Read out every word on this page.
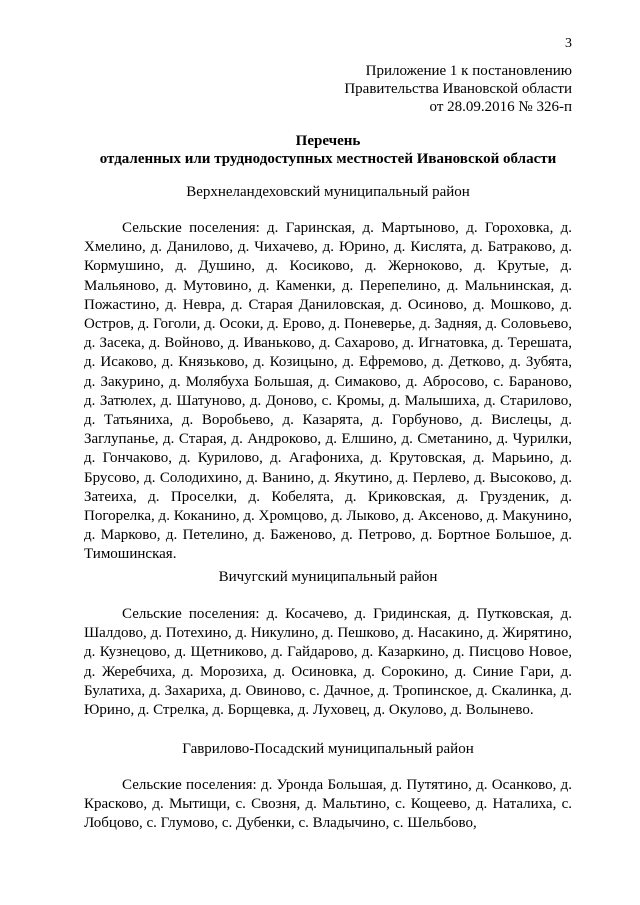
3
Приложение 1 к постановлению
Правительства Ивановской области
от 28.09.2016 № 326-п
Перечень
отдаленных или труднодоступных местностей Ивановской области
Верхнеландеховский муниципальный район
Сельские поселения: д. Гаринская, д. Мартыново, д. Гороховка, д. Хмелино, д. Данилово, д. Чихачево, д. Юрино, д. Кислята, д. Батраково, д. Кормушино, д. Душино, д. Косиково, д. Жерноково, д. Крутые, д. Мальяново, д. Мутовино, д. Каменки, д. Перепелино, д. Мальнинская, д. Пожастино, д. Невра, д. Старая Даниловская, д. Осиново, д. Мошково, д. Остров, д. Гоголи, д. Осоки, д. Ерово, д. Поневерье, д. Задняя, д. Соловьево, д. Засека, д. Войново, д. Иваньково, д. Сахарово, д. Игнатовка, д. Терешата, д. Исаково, д. Князьково, д. Козицыно, д. Ефремово, д. Детково, д. Зубята, д. Закурино, д. Молябуха Большая, д. Симаково, д. Абросово, с. Бараново, д. Затюлех, д. Шатуново, д. Доново, с. Кромы, д. Малышиха, д. Старилово, д. Татьяниха, д. Воробьево, д. Казарята, д. Горбуново, д. Вислецы, д. Заглупанье, д. Старая, д. Андроково, д. Елшино, д. Сметанино, д. Чурилки, д. Гончаково, д. Курилово, д. Агафониха, д. Крутовская, д. Марьино, д. Брусово, д. Солодихино, д. Ванино, д. Якутино, д. Перлево, д. Высоково, д. Затеиха, д. Проселки, д. Кобелята, д. Криковская, д. Грузденик, д. Погорелка, д. Коканино, д. Хромцово, д. Лыково, д. Аксеново, д. Макунино, д. Марково, д. Петелино, д. Баженово, д. Петрово, д. Бортное Большое, д. Тимошинская.
Вичугский муниципальный район
Сельские поселения: д. Косачево, д. Гридинская, д. Путковская, д. Шалдово, д. Потехино, д. Никулино, д. Пешково, д. Насакино, д. Жирятино, д. Кузнецово, д. Щетниково, д. Гайдарово, д. Казаркино, д. Писцово Новое, д. Жеребчиха, д. Морозиха, д. Осиновка, д. Сорокино, д. Синие Гари, д. Булатиха, д. Захариха, д. Овиново, с. Дачное, д. Тропинское, д. Скалинка, д. Юрино, д. Стрелка, д. Борщевка, д. Луховец, д. Окулово, д. Волынево.
Гаврилово-Посадский муниципальный район
Сельские поселения: д. Уронда Большая, д. Путятино, д. Осанково, д. Красково, д. Мытищи, с. Свозня, д. Мальтино, с. Кощеево, д. Наталиха, с. Лобцово, с. Глумово, с. Дубенки, с. Владычино, с. Шельбово,
